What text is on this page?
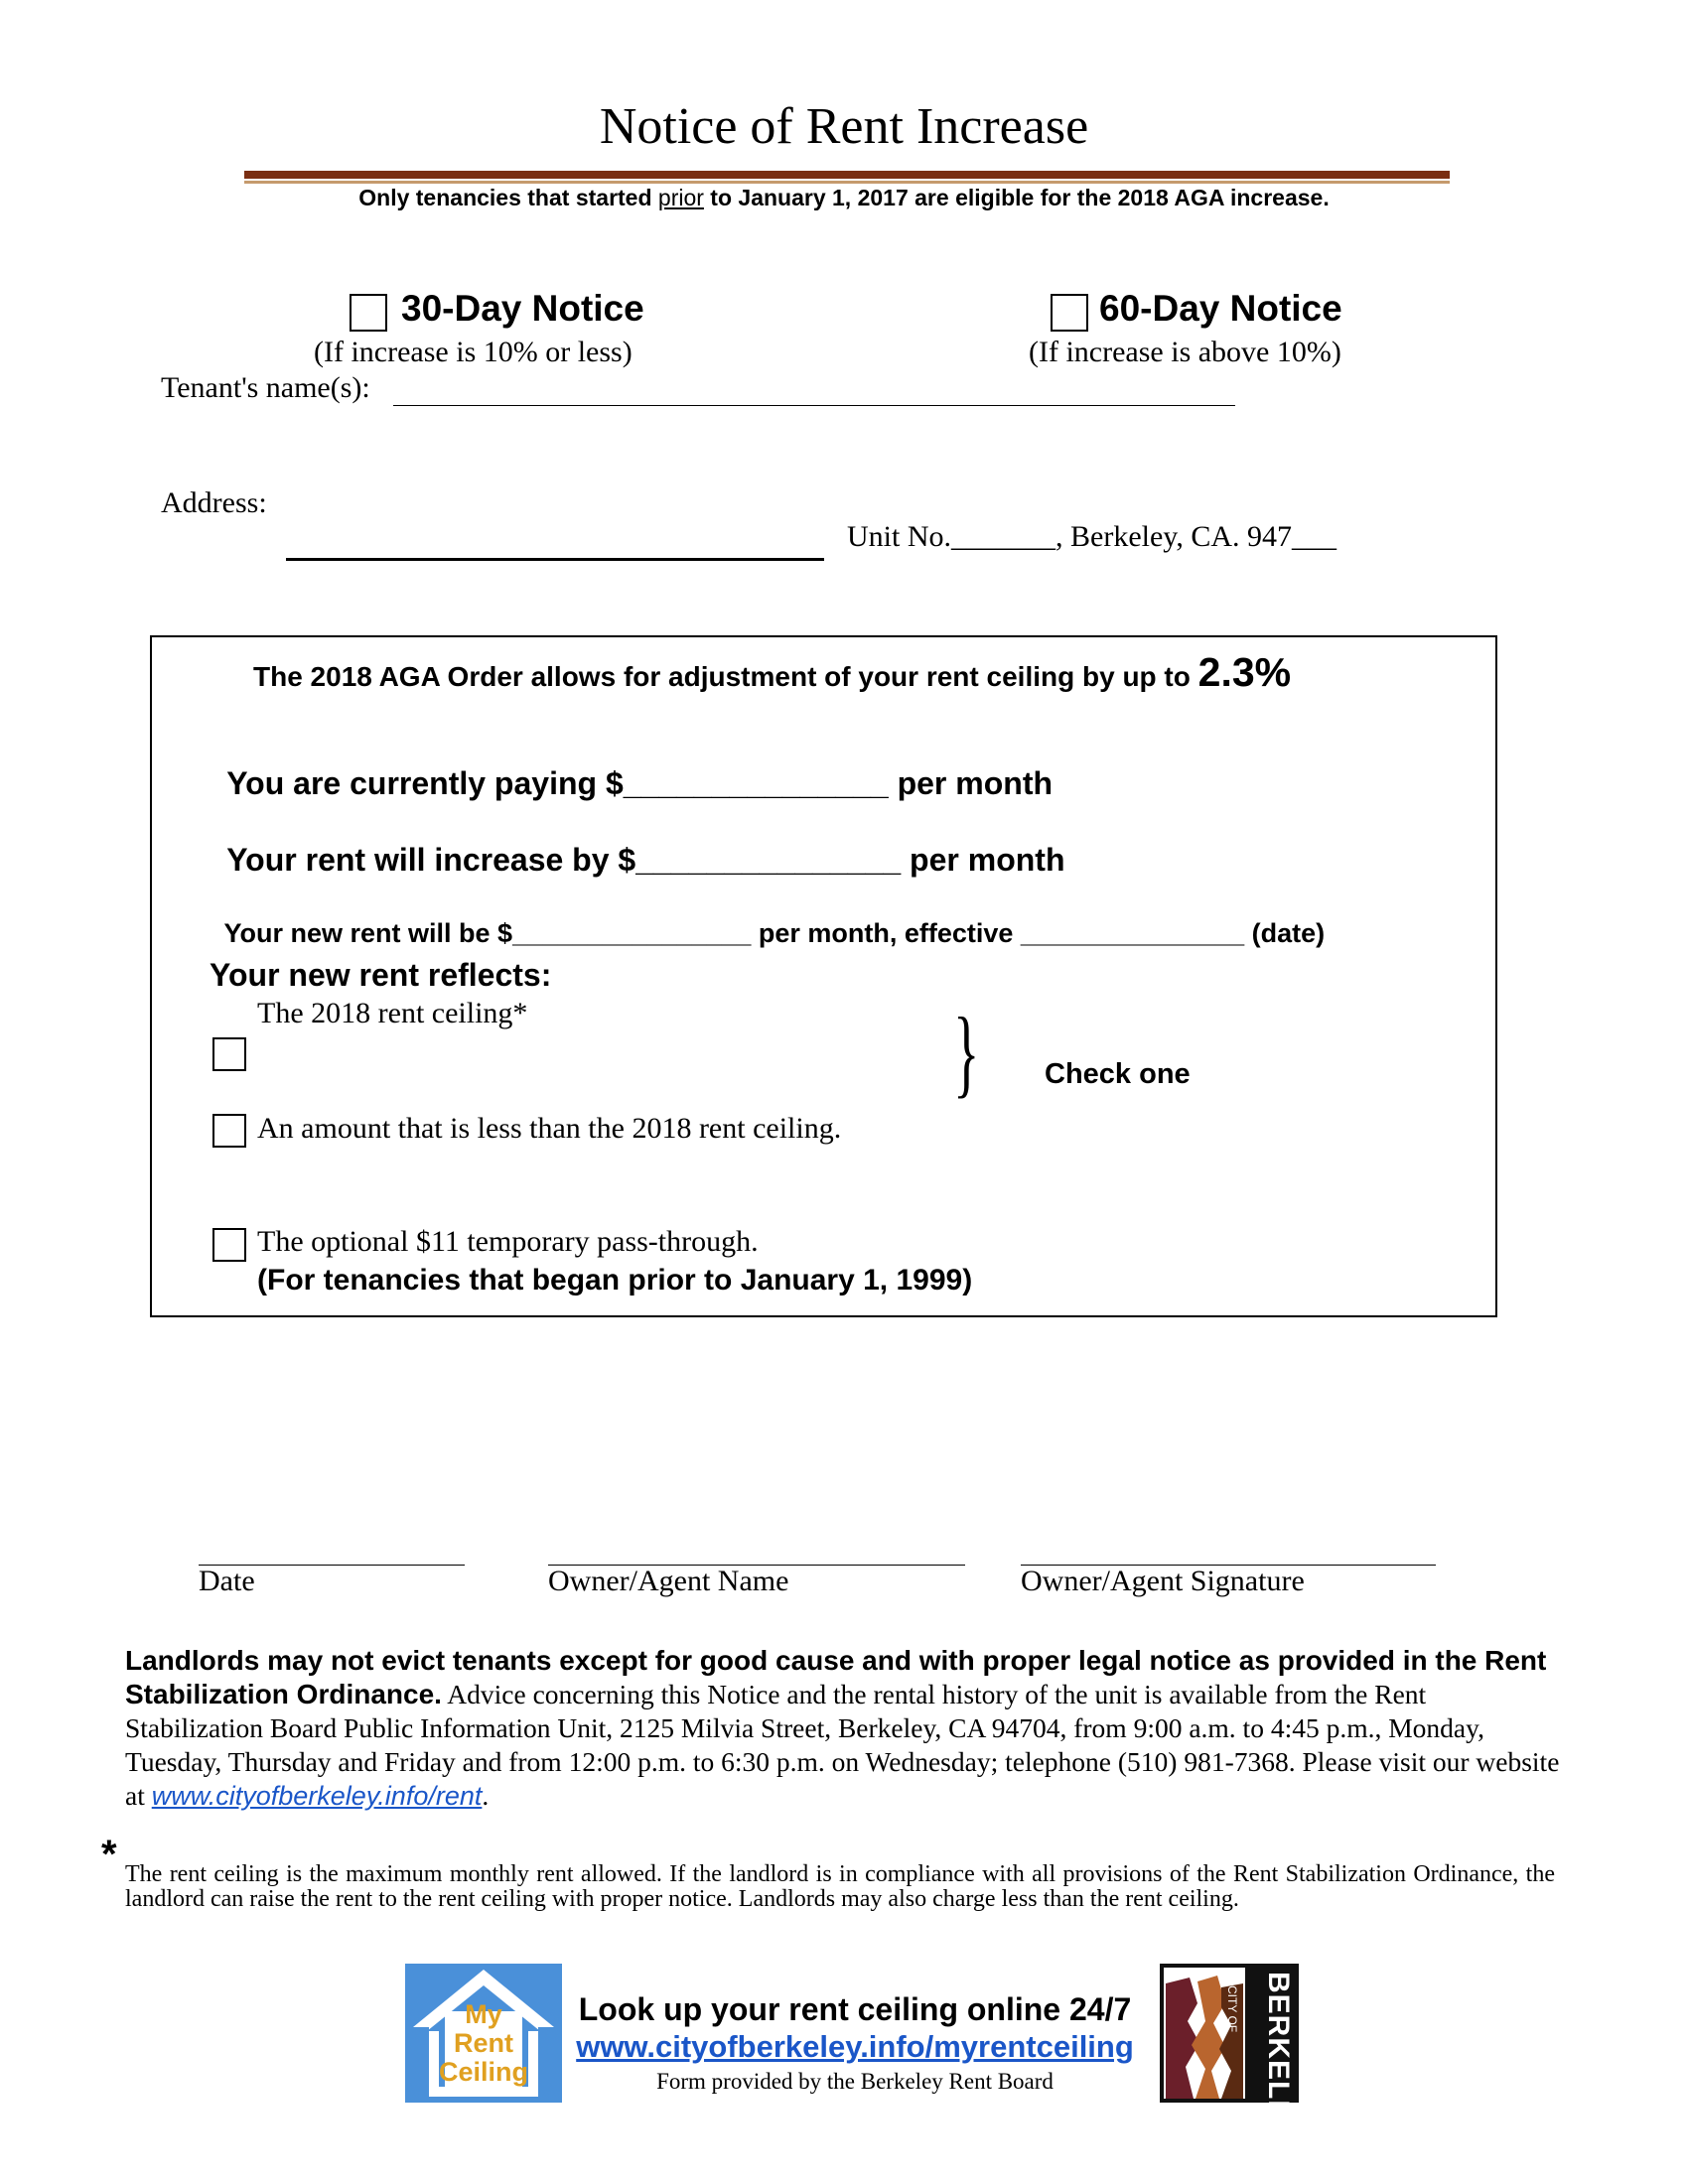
Notice of Rent Increase
Only tenancies that started prior to January 1, 2017 are eligible for the 2018 AGA increase.
30-Day Notice
(If increase is 10% or less)
60-Day Notice
(If increase is above 10%)
Tenant's name(s):
Address:

Unit No._______, Berkeley, CA. 947___

The 2018 AGA Order allows for adjustment of your rent ceiling by up to 2.3%

You are currently paying $_______________ per month

Your rent will increase by $_______________ per month

Your new rent will be $________________ per month, effective _______________ (date)

Your new rent reflects:
The 2018 rent ceiling*	} Check one
An amount that is less than the 2018 rent ceiling.
The optional $11 temporary pass-through.
(For tenancies that began prior to January 1, 1999)
Date	Owner/Agent Name	Owner/Agent Signature
Landlords may not evict tenants except for good cause and with proper legal notice as provided in the Rent Stabilization Ordinance. Advice concerning this Notice and the rental history of the unit is available from the Rent Stabilization Board Public Information Unit, 2125 Milvia Street, Berkeley, CA 94704, from 9:00 a.m. to 4:45 p.m., Monday, Tuesday, Thursday and Friday and from 12:00 p.m. to 6:30 p.m. on Wednesday; telephone (510) 981-7368. Please visit our website at www.cityofberkeley.info/rent.
* The rent ceiling is the maximum monthly rent allowed. If the landlord is in compliance with all provisions of the Rent Stabilization Ordinance, the landlord can raise the rent to the rent ceiling with proper notice. Landlords may also charge less than the rent ceiling.
My
Rent
Ceiling
Look up your rent ceiling online 24/7
www.cityofberkeley.info/myrentceiling
Form provided by the Berkeley Rent Board
CITY OF BERKELEY
